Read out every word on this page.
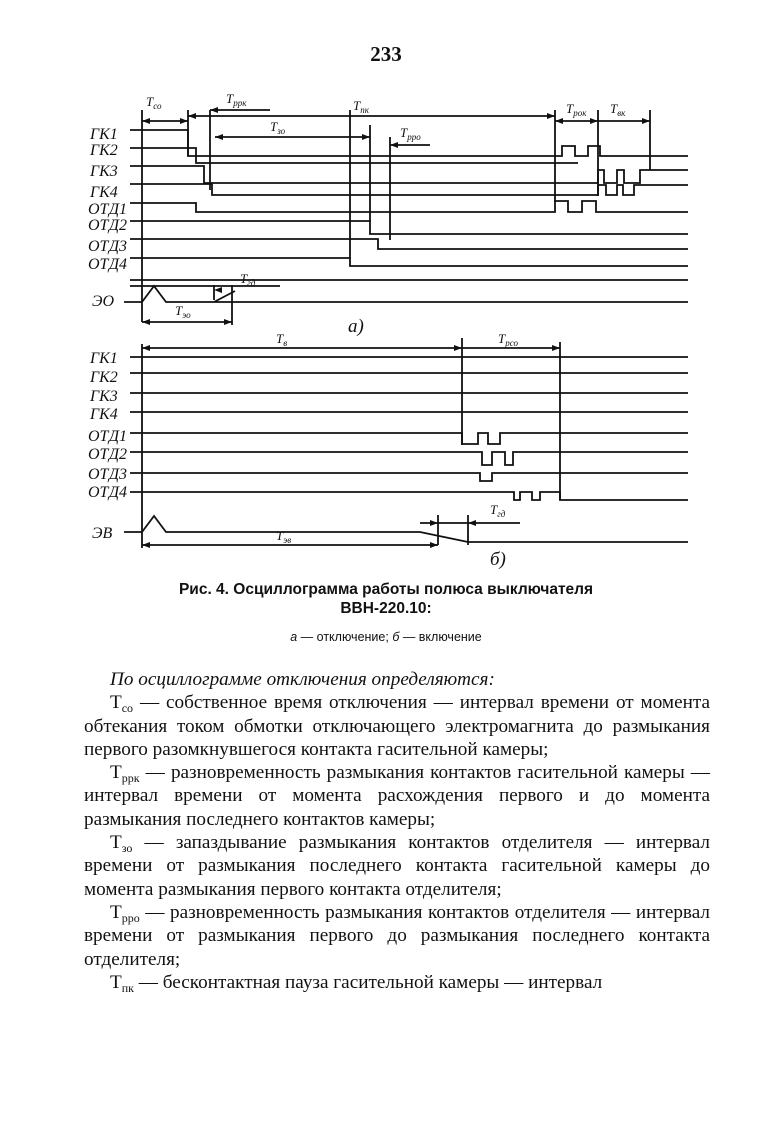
233
ГК1
ГК2
ГК3
ГК4
ОТД1
ОТД2
ОТД3
ОТД4
ЭО
ГК1
ГК2
ГК3
ГК4
ОТД1
ОТД2
ОТД3
ОТД4
ЭВ
а)
б)
$T_{со}$	$T_{ррк}$	$T_{пк}$
$T_{зо}$	$T_{рро}$
$T_{рок}$ $T_{вк}$
$T_{гд}$
$T_{эо}$
$T_в$	$T_{рсо}$
$T_{гд}$
$T_{эв}$
Рис. 4. Осциллограмма работы полюса выключателя
ВВН-220.10:
а — отключение; б — включение

По осциллограмме отключения определяются:

$Т_{со}$ — собственное время отключения — интервал времени от момента обтекания током обмотки отключающего электромагнита до размыкания первого разомкнувшегося контакта гасительной камеры;

$Т_{ррк}$ — разновременность размыкания контактов гасительной камеры — интервал времени от момента расхождения первого и до момента размыкания последнего контактов камеры;

$Т_{зо}$ — запаздывание размыкания контактов отделителя — интервал времени от размыкания последнего контакта гасительной камеры до момента размыкания первого контакта отделителя;

$Т_{рро}$ — разновременность размыкания контактов отделителя — интервал времени от размыкания первого до размыкания последнего контакта отделителя;

$Т_{пк}$ — бесконтактная пауза гасительной камеры — интервал
